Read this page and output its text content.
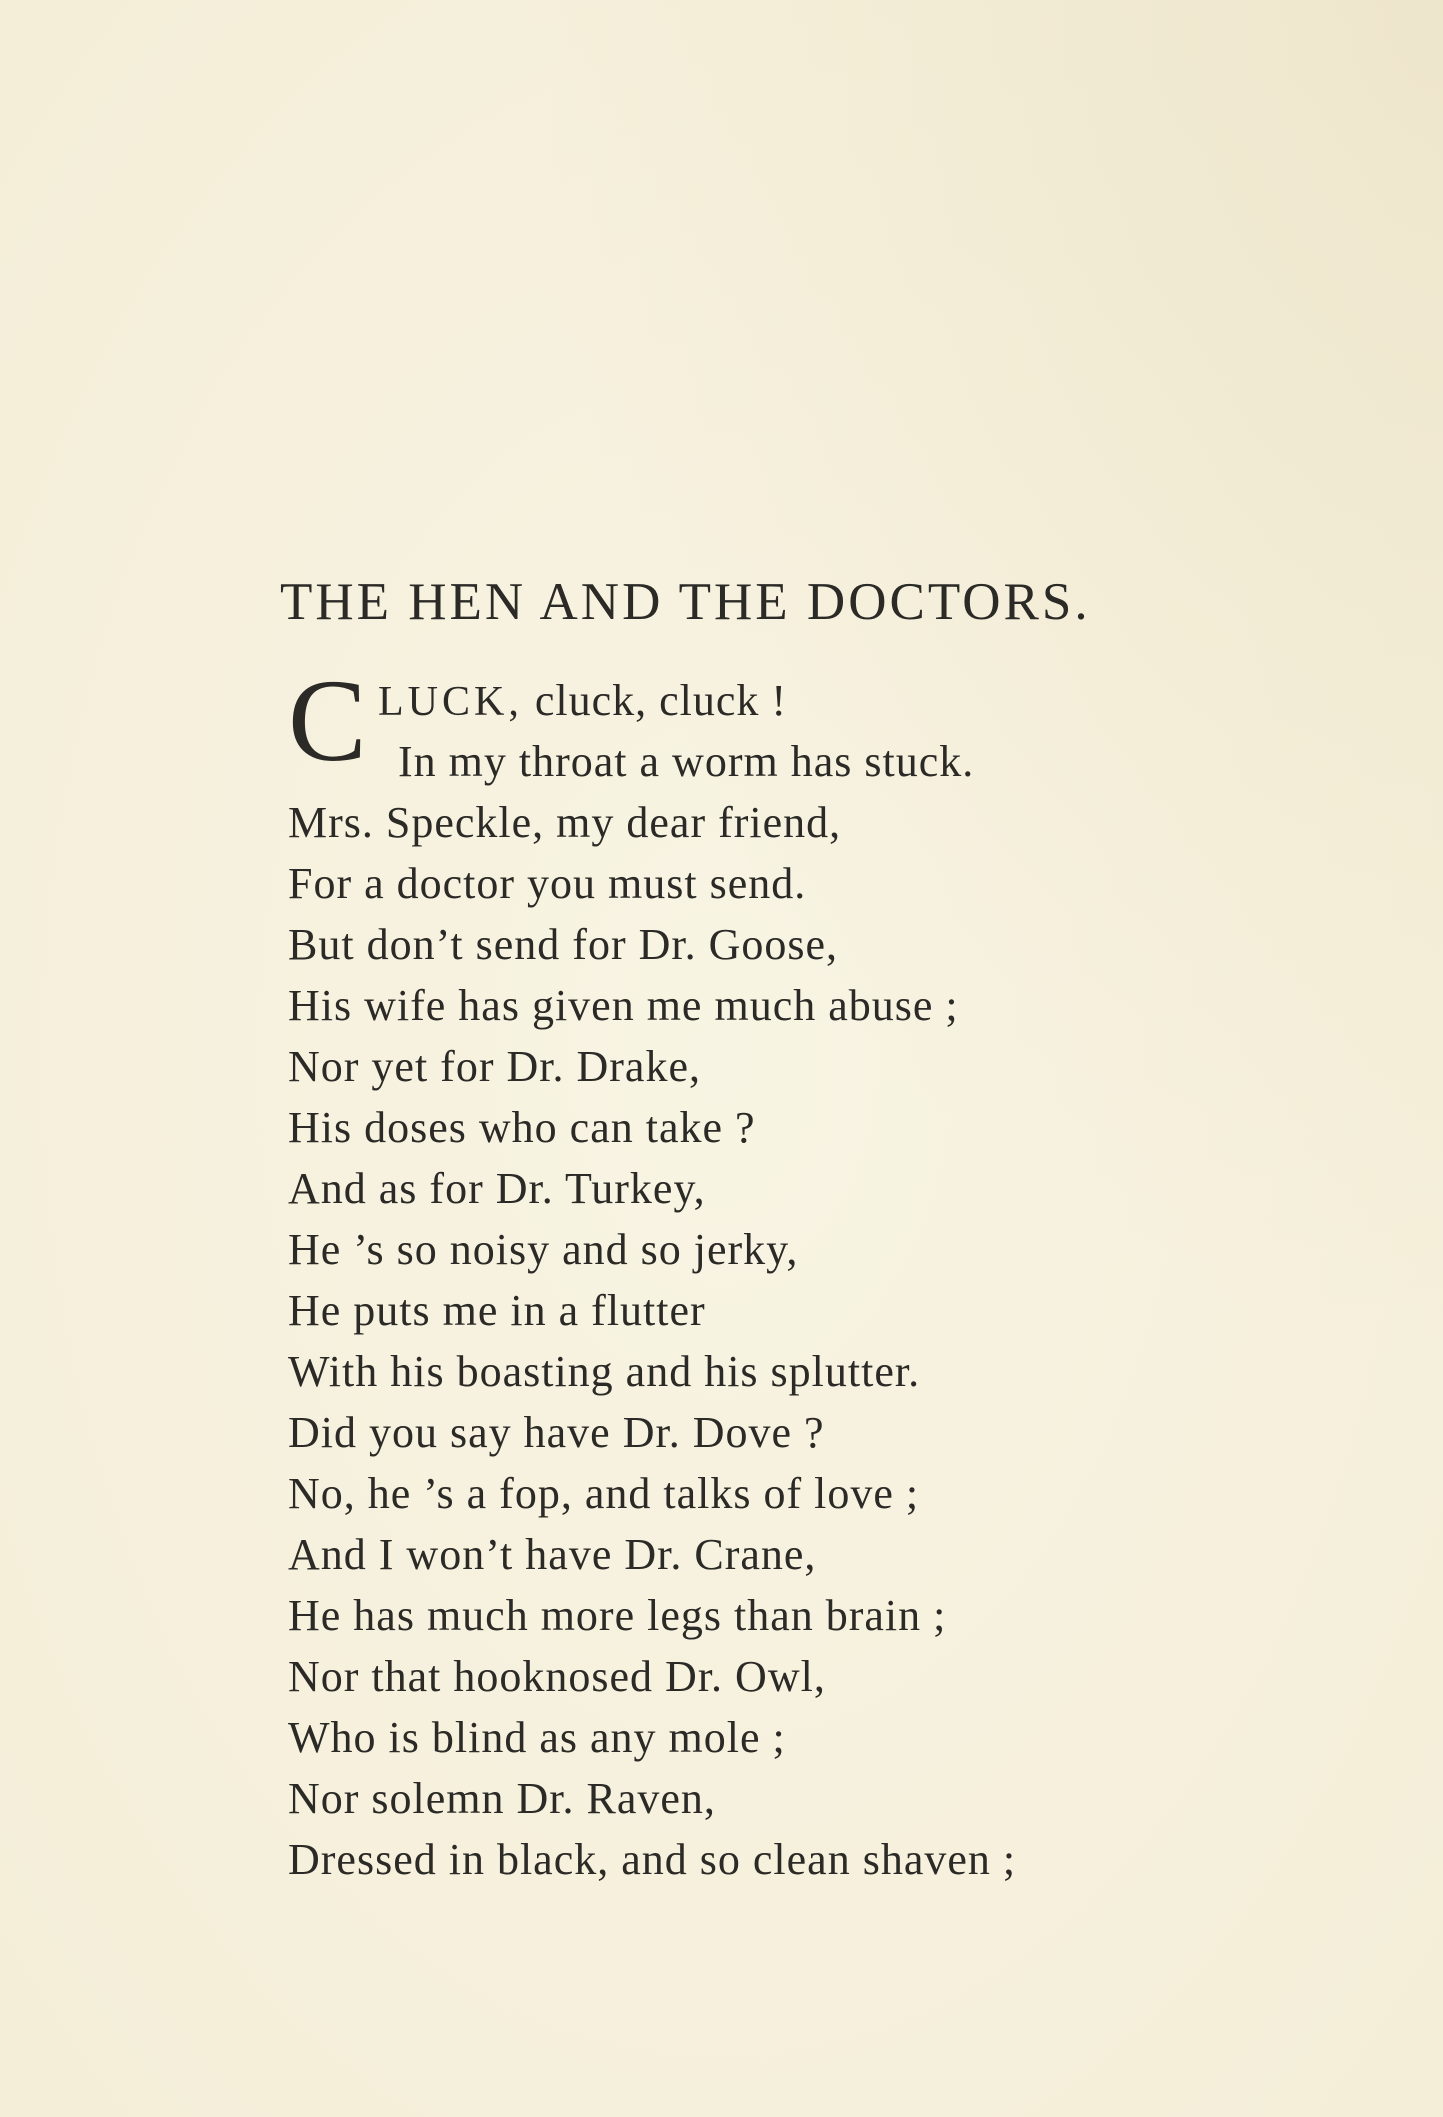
THE HEN AND THE DOCTORS.
C LUCK, cluck, cluck !
In my throat a worm has stuck.
Mrs. Speckle, my dear friend,
For a doctor you must send.
But don’t send for Dr. Goose,
His wife has given me much abuse ;
Nor yet for Dr. Drake,
His doses who can take ?
And as for Dr. Turkey,
He ’s so noisy and so jerky,
He puts me in a flutter
With his boasting and his splutter.
Did you say have Dr. Dove ?
No, he ’s a fop, and talks of love ;
And I won’t have Dr. Crane,
He has much more legs than brain ;
Nor that hooknosed Dr. Owl,
Who is blind as any mole ;
Nor solemn Dr. Raven,
Dressed in black, and so clean shaven ;
